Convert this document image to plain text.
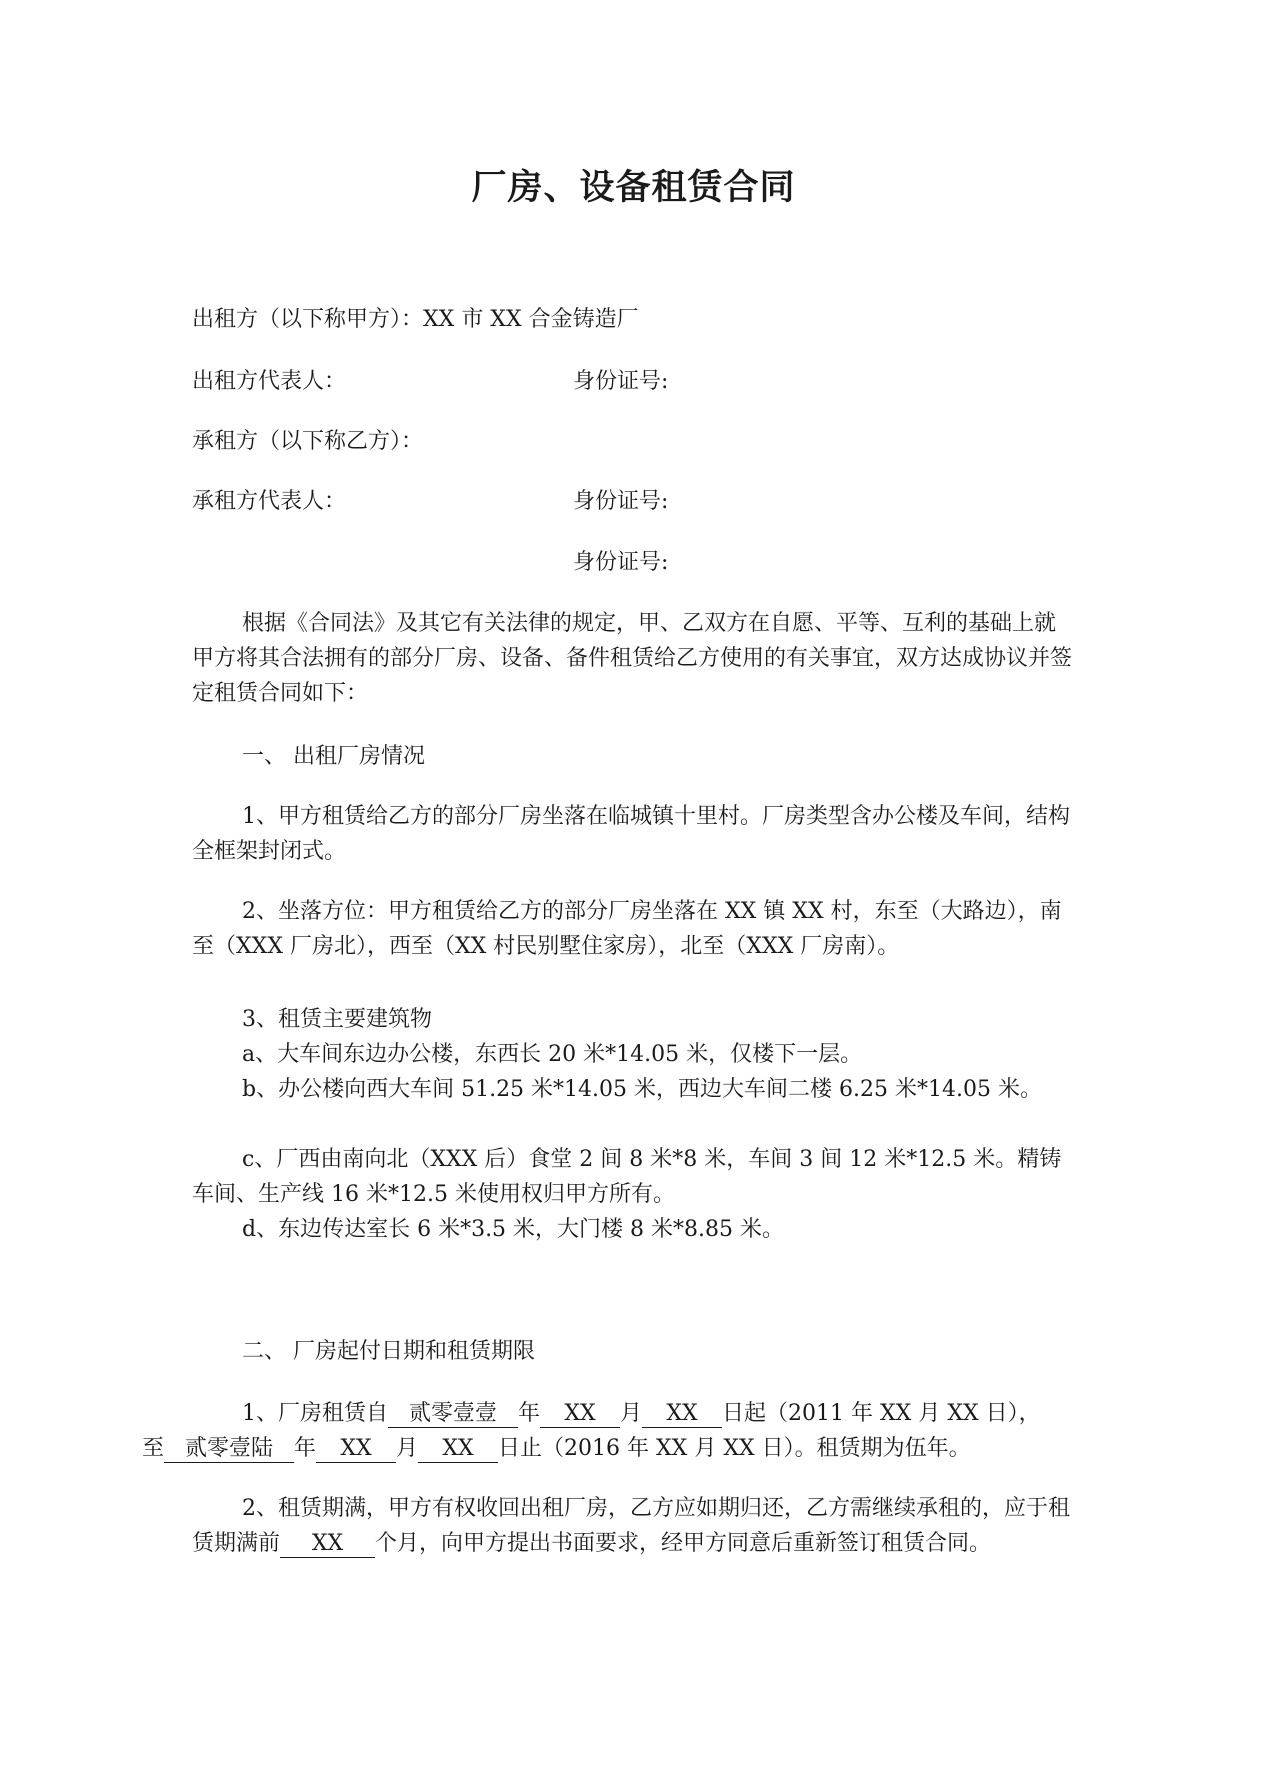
厂房、设备租赁合同
出租方（以下称甲方）：XX 市 XX 合金铸造厂
出租方代表人：	身份证号:
承租方（以下称乙方）：
承租方代表人：	身份证号:
身份证号:
根据《合同法》及其它有关法律的规定，甲、乙双方在自愿、平等、互利的基础上就甲方将其合法拥有的部分厂房、设备、备件租赁给乙方使用的有关事宜，双方达成协议并签定租赁合同如下：
一、 出租厂房情况
1、甲方租赁给乙方的部分厂房坐落在临城镇十里村。厂房类型含办公楼及车间，结构全框架封闭式。
2、坐落方位：甲方租赁给乙方的部分厂房坐落在 XX 镇 XX 村，东至（大路边），南至（XXX 厂房北），西至（XX 村民别墅住家房），北至（XXX 厂房南）。
3、租赁主要建筑物
a、大车间东边办公楼，东西长 20 米*14.05 米，仅楼下一层。
b、办公楼向西大车间 51.25 米*14.05 米，西边大车间二楼 6.25 米*14.05 米。
c、厂西由南向北（XXX 后）食堂 2 间 8 米*8 米，车间 3 间 12 米*12.5 米。精铸车间、生产线 16 米*12.5 米使用权归甲方所有。
d、东边传达室长 6 米*3.5 米，大门楼 8 米*8.85 米。
二、 厂房起付日期和租赁期限
1、厂房租赁自 贰零壹壹 年 XX 月 XX 日起（2011 年 XX 月 XX 日），
至 贰零壹陆 年 XX 月 XX 日止（2016 年 XX 月 XX 日）。租赁期为伍年。
2、租赁期满，甲方有权收回出租厂房，乙方应如期归还，乙方需继续承租的，应于租赁期满前 XX 个月，向甲方提出书面要求，经甲方同意后重新签订租赁合同。
